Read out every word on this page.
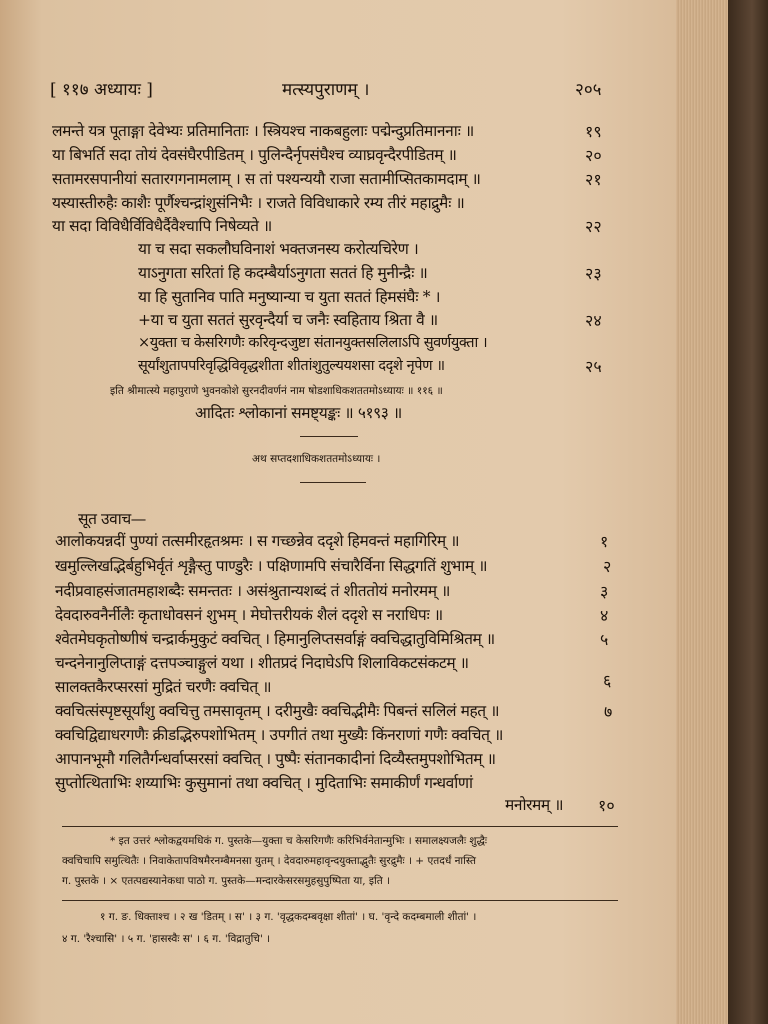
[ ११७ अध्यायः ]	मत्स्यपुराणम् ।	२०५
लमन्ते यत्र पूताङ्गा देवेभ्यः प्रतिमानिताः । स्त्रियश्च नाकबहुलाः पद्मेन्दुप्रतिमाननाः ॥	१९
या बिभर्ति सदा तोयं देवसंघैरपीडितम् । पुलिन्दैर्नृपसंघैश्च व्याघ्रवृन्दैरपीडितम् ॥	२०
सतामरसपानीयां सतारगगनामलाम् । स तां पश्यन्ययौ राजा सतामीप्सितकामदाम् ॥	२१
यस्यास्तीरुहैः काशैः पूर्णैश्चन्द्रांशुसंनिभैः । राजते विविधाकारे रम्य तीरं महाद्रुमैः ॥
या सदा विविधैर्विविधैर्दैवैश्चापि निषेव्यते ॥	२२
या च सदा सकलौघविनाशं भक्तजनस्य करोत्यचिरेण ।
याऽनुगता सरितां हि कदम्बैर्याऽनुगता सततं हि मुनीन्द्रैः ॥	२३
या हि सुतानिव पाति मनुष्यान्या च युता सततं हिमसंघैः * ।
+या च युता सततं सुरवृन्दैर्या च जनैः स्वहिताय श्रिता वै ॥	२४
×युक्ता च केसरिगणैः करिवृन्दजुष्टा संतानयुक्तसलिलाऽपि सुवर्णयुक्ता ।
सूर्यांशुतापपरिवृद्धिविवृद्धशीता शीतांशुतुल्ययशसा ददृशे नृपेण ॥	२५
इति श्रीमात्स्ये महापुराणे भुवनकोशे सुरनदीवर्णनं नाम षोडशाधिकशततमोऽध्यायः ॥ ११६ ॥
आदितः श्लोकानां समष्ट्यङ्कः ॥ ५१९३ ॥
अथ सप्तदशाधिकशततमोऽध्यायः ।
सूत उवाच—
आलोकयन्नदीं पुण्यां तत्समीरहृतश्रमः । स गच्छन्नेव ददृशे हिमवन्तं महागिरिम् ॥	१
खमुल्लिखद्भिर्बहुभिर्वृतं शृङ्गैस्तु पाण्डुरैः । पक्षिणामपि संचारैर्विना सिद्धगतिं शुभाम् ॥	२
नदीप्रवाहसंजातमहाशब्दैः समन्ततः । असंश्रुतान्यशब्दं तं शीततोयं मनोरमम् ॥	३
देवदारुवनैर्नीलैः कृताधोवसनं शुभम् । मेघोत्तरीयकं शैलं ददृशे स नराधिपः ॥	४
श्वेतमेघकृतोष्णीषं चन्द्रार्कमुकुटं क्वचित् । हिमानुलिप्तसर्वाङ्गं क्वचिद्धातुविमिश्रितम् ॥	५
चन्दनेनानुलिप्ताङ्गं दत्तपञ्चाङ्गुलं यथा । शीतप्रदं निदाघेऽपि शिलाविकटसंकटम् ॥
सालक्तकैरप्सरसां मुद्रितं चरणैः क्वचित् ॥	६
क्वचित्संस्पृष्टसूर्यांशु क्वचित्तु तमसावृतम् । दरीमुखैः क्वचिद्भीमैः पिबन्तं सलिलं महत् ॥	७
क्वचिद्विद्याधरगणैः क्रीडद्भिरुपशोभितम् । उपगीतं तथा मुख्यैः किंनराणां गणैः क्वचित् ॥
आपानभूमौ गलितैर्गन्धर्वाप्सरसां क्वचित् । पुष्पैः संतानकादीनां दिव्यैस्तमुपशोभितम् ॥
सुप्तोत्थिताभिः शय्याभिः कुसुमानां तथा क्वचित् । मुदिताभिः समाकीर्णं गन्धर्वाणां
मनोरमम् ॥ १०
* इत उत्तरं श्लोकद्वयमधिकं ग. पुस्तके—युक्ता च केसरिगणैः करिभिर्वनेतान्मुभिः । समालक्ष्यजलैः शुद्धैः
क्वचिचापि समुत्थितैः । निवाकेतापविषमैरनम्बैमनसा युतम् । देवदारुमहावृन्दयुक्ताद्भुतैः सुरद्रुमैः । + एतदर्धं नास्ति
ग. पुस्तके । × एतत्पद्यस्यानेकधा पाठो ग. पुस्तके—मन्दारकेसरसमुहसुपुष्पिता या, इति ।
१ ग. ङ. धिक्ताश्च । २ ख 'डितम् । स' । ३ ग. 'वृद्धकदम्बवृक्षा शीतां' । घ. 'वृन्दे कदम्बमाली शीतां' ।
४ ग. 'रैश्चासि' । ५ ग. 'हासस्वैः स' । ६ ग. 'विद्रातुचि' ।
